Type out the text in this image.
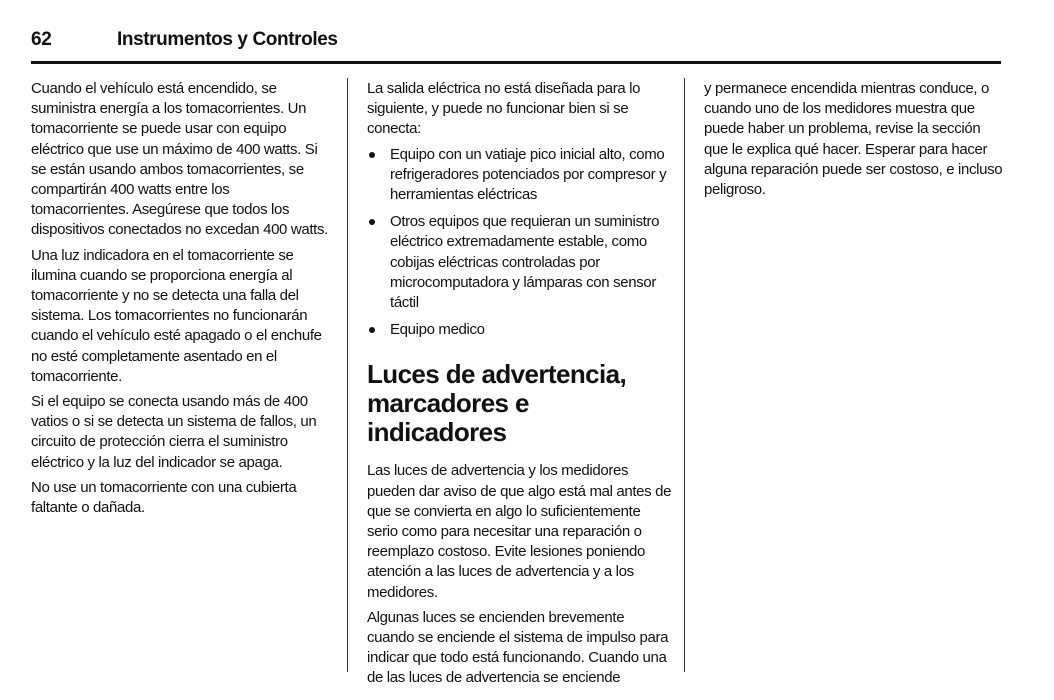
62	Instrumentos y Controles

Cuando el vehículo está encendido, se suministra energía a los tomacorrientes. Un tomacorriente se puede usar con equipo eléctrico que use un máximo de 400 watts. Si se están usando ambos tomacorrientes, se compartirán 400 watts entre los tomacorrientes. Asegúrese que todos los dispositivos conectados no excedan 400 watts.

Una luz indicadora en el tomacorriente se ilumina cuando se proporciona energía al tomacorriente y no se detecta una falla del sistema. Los tomacorrientes no funcionarán cuando el vehículo esté apagado o el enchufe no esté completamente asentado en el tomacorriente.

Si el equipo se conecta usando más de 400 vatios o si se detecta un sistema de fallos, un circuito de protección cierra el suministro eléctrico y la luz del indicador se apaga.

No use un tomacorriente con una cubierta faltante o dañada.

La salida eléctrica no está diseñada para lo siguiente, y puede no funcionar bien si se conecta:

Equipo con un vatiaje pico inicial alto, como refrigeradores potenciados por compresor y herramientas eléctricas
Otros equipos que requieran un suministro eléctrico extremadamente estable, como cobijas eléctricas controladas por microcomputadora y lámparas con sensor táctil
Equipo medico
Luces de advertencia, marcadores e indicadores

Las luces de advertencia y los medidores pueden dar aviso de que algo está mal antes de que se convierta en algo lo suficientemente serio como para necesitar una reparación o reemplazo costoso. Evite lesiones poniendo atención a las luces de advertencia y a los medidores.

Algunas luces se encienden brevemente cuando se enciende el sistema de impulso para indicar que todo está funcionando. Cuando una de las luces de advertencia se enciende

y permanece encendida mientras conduce, o cuando uno de los medidores muestra que puede haber un problema, revise la sección que le explica qué hacer. Esperar para hacer alguna reparación puede ser costoso, e incluso peligroso.
